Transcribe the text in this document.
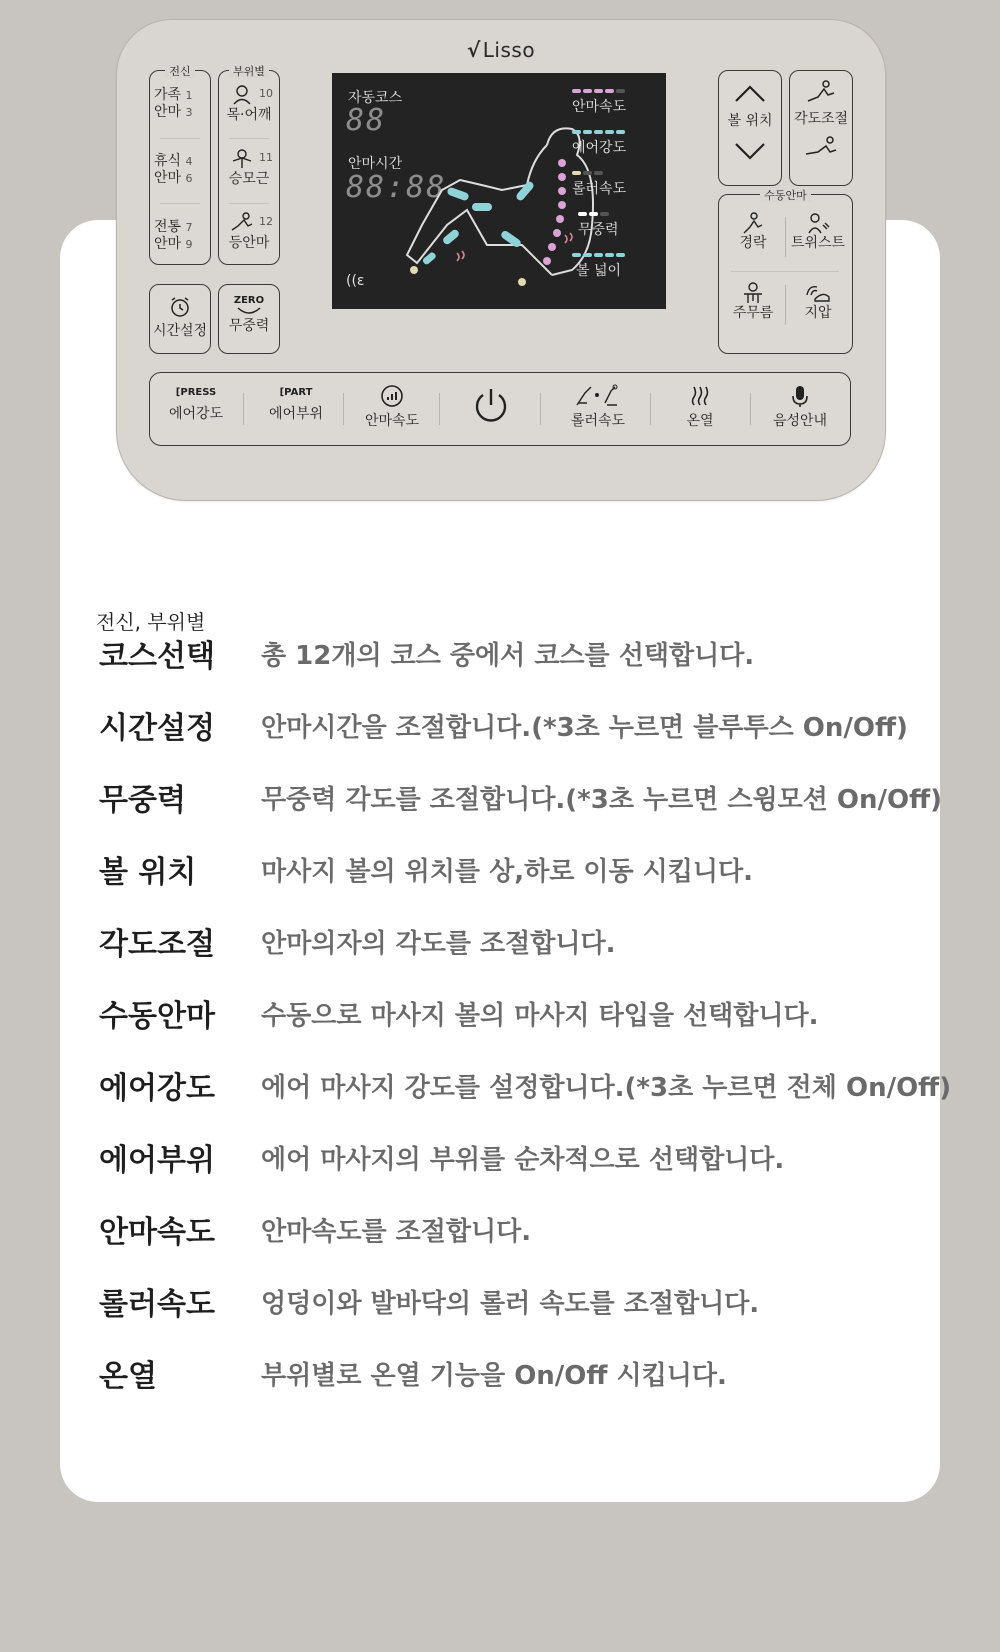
√ Lisso
전신
가족 1
안마 3
휴식 4
안마 6
전통 7
안마 9
부위별
10
목·어깨
11
승모근
12
등안마
시간설정
ZERO
무중력
자동코스
88
안마시간
88:88
안마속도
에어강도
롤러속도
무중력
볼 넓이
((ε
볼 위치	각도조절
수동안마
경락	트위스트
주무름	지압
[PRESS
에어강도
[PART
에어부위	안마속도	롤러속도	온열	음성안내
전신, 부위별
코스선택	총 12개의 코스 중에서 코스를 선택합니다.
시간설정	안마시간을 조절합니다.(*3초 누르면 블루투스 On/Off)
무중력	무중력 각도를 조절합니다.(*3초 누르면 스윙모션 On/Off)
볼 위치	마사지 볼의 위치를 상,하로 이동 시킵니다.
각도조절	안마의자의 각도를 조절합니다.
수동안마	수동으로 마사지 볼의 마사지 타입을 선택합니다.
에어강도	에어 마사지 강도를 설정합니다.(*3초 누르면 전체 On/Off)
에어부위	에어 마사지의 부위를 순차적으로 선택합니다.
안마속도	안마속도를 조절합니다.
롤러속도	엉덩이와 발바닥의 롤러 속도를 조절합니다.
온열	부위별로 온열 기능을 On/Off 시킵니다.
